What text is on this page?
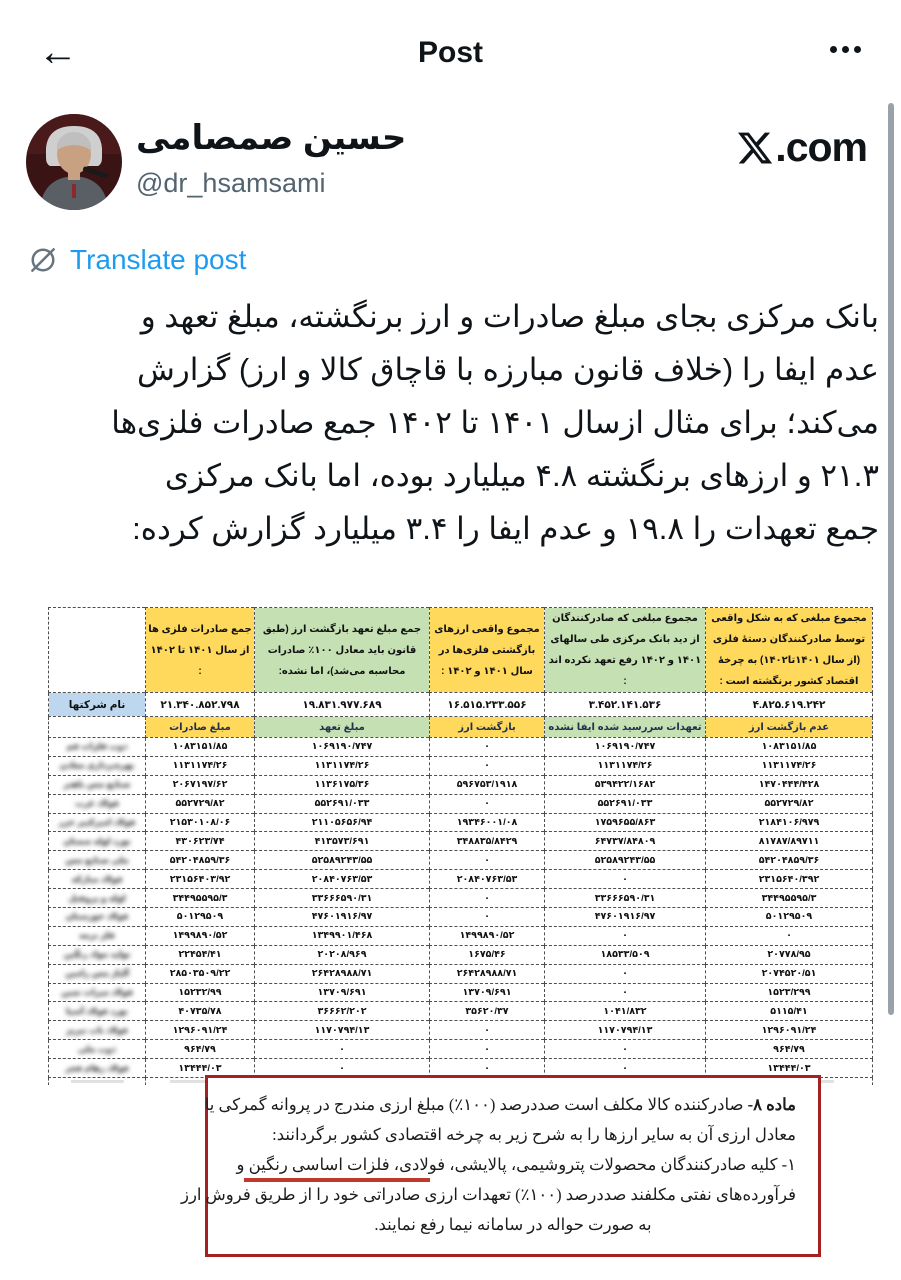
←	Post
حسین صمصامی
@dr_hsamsami
.com
Translate post
بانک مرکزی بجای مبلغ صادرات و ارز برنگشته، مبلغ تعهد و
عدم ایفا را (خلاف قانون مبارزه با قاچاق کالا و ارز) گزارش
می‌کند؛ برای مثال ازسال ۱۴۰۱ تا ۱۴۰۲ جمع صادرات فلزی‌ها
۲۱.۳ و ارزهای برنگشته ۴.۸ میلیارد بوده، اما بانک مرکزی
جمع تعهدات را ۱۹.۸ و عدم ایفا را ۳.۴ میلیارد گزارش کرده:
مجموع مبلغی که به شکل واقعی توسط صادرکنندگان دستهٔ فلزی (از سال ۱۴۰۱تا۱۴۰۲) به چرخهٔ اقتصاد کشور برنگشته است :	مجموع مبلغی که صادرکنندگان از دید بانک مرکزی طی سالهای ۱۴۰۱ و ۱۴۰۲ رفع تعهد نکرده اند :	مجموع واقعی ارزهای بازگشتی فلزی‌ها در سال ۱۴۰۱ و ۱۴۰۲ :	جمع مبلغ تعهد بازگشت ارز (طبق قانون باید معادل ۱۰۰٪ صادرات محاسبه می‌شد)، اما نشده:	جمع صادرات فلزی ها از سال ۱۴۰۱ تا ۱۴۰۲ :	
۴.۸۲۵.۶۱۹.۲۴۲	۳.۴۵۲.۱۴۱.۵۳۶	۱۶.۵۱۵.۲۳۳.۵۵۶	۱۹.۸۳۱.۹۷۷.۶۸۹	۲۱.۳۴۰.۸۵۲.۷۹۸	نام شرکتها
عدم بازگشت ارز	تعهدات سررسید شده ایفا نشده	بازگشت ارز	مبلغ تعهد	مبلغ صادرات	
۱۰۸۳۱۵۱/۸۵	۱۰۶۹۱۹۰/۷۴۷	۰	۱۰۶۹۱۹۰/۷۴۷	۱۰۸۳۱۵۱/۸۵	ذوب فلزات قم
۱۱۳۱۱۷۴/۲۶	۱۱۳۱۱۷۴/۲۶	۰	۱۱۳۱۱۷۴/۲۶	۱۱۳۱۱۷۴/۲۶	بهره‌برداری معادن
۱۴۷۰۴۴۴/۴۲۸	۵۳۹۴۲۲/۱۶۸۲	۵۹۶۷۵۳/۱۹۱۸	۱۱۳۶۱۷۵/۳۶	۲۰۶۷۱۹۷/۶۲	صنایع مس باهنر
۵۵۲۷۲۹/۸۲	۵۵۲۶۹۱/۰۳۳	۰	۵۵۲۶۹۱/۰۳۳	۵۵۲۷۲۹/۸۲	فولاد غرب
۲۱۸۴۱۰۶/۹۷۹	۱۷۵۹۶۵۵/۸۶۳	۱۹۳۴۶۰۰۱/۰۸	۲۱۱۰۵۶۵۶/۹۴	۲۱۵۳۰۱۰۸/۰۶	فولاد امیرکبیر خزر
۸۱۷۸۷/۸۹۷۱۱	۶۴۷۳۷/۸۴۸۰۹	۳۴۸۸۳۵/۸۴۲۹	۴۱۳۵۷۳/۶۹۱	۴۳۰۶۲۳/۷۴	نورد لوله سمنان
۵۴۲۰۴۸۵۹/۳۶	۵۲۵۸۹۲۴۳/۵۵	۰	۵۲۵۸۹۲۴۳/۵۵	۵۴۲۰۴۸۵۹/۳۶	ملی صنایع مس
۲۳۱۵۶۴۰/۳۹۲	۰	۲۰۸۴۰۷۶۳/۵۳	۲۰۸۴۰۷۶۳/۵۳	۲۳۱۵۶۴۰۳/۹۲	فولاد مبارکه
۳۴۴۹۵۵۹۵/۳	۳۳۶۶۶۵۹۰/۳۱	۰	۳۳۶۶۶۵۹۰/۳۱	۳۴۴۹۵۵۹۵/۳	لوله و پروفیل
۵۰۱۲۹۵۰۹	۴۷۶۰۱۹۱۶/۹۷	۰	۴۷۶۰۱۹۱۶/۹۷	۵۰۱۲۹۵۰۹	فولاد خوزستان
۰	۰	۱۴۹۹۸۹۰/۵۲	۱۳۴۹۹۰۱/۴۶۸	۱۴۹۹۸۹۰/۵۲	فلز ترمه
۲۰۷۷۸/۹۵	۱۸۵۳۳/۵۰۹	۱۶۷۵/۴۶	۲۰۲۰۸/۹۶۹	۲۲۴۵۴/۴۱	تولید مواد رنگین
۲۰۷۴۵۲۰/۵۱	۰	۲۶۴۲۸۹۸۸/۷۱	۲۶۴۲۸۹۸۸/۷۱	۲۸۵۰۳۵۰۹/۲۲	آلیاژ مس رامین
۱۵۲۳/۲۹۹	۰	۱۳۷۰۹/۶۹۱	۱۳۷۰۹/۶۹۱	۱۵۲۳۲/۹۹	فولاد میراث ثمین
۵۱۱۵/۴۱	۱۰۴۱/۸۳۲	۳۵۶۲۰/۳۷	۳۶۶۶۲/۲۰۲	۴۰۷۳۵/۷۸	نورد فولاد آسیا
۱۲۹۶۰۹۱/۲۴	۱۱۷۰۷۹۴/۱۳	۰	۱۱۷۰۷۹۴/۱۳	۱۲۹۶۰۹۱/۲۴	فولاد ناب تبریز
۹۶۴/۷۹	۰	۰	۰	۹۶۴/۷۹	ذوب ملی
۱۳۴۴۴/۰۳	۰	۰	۰	۱۳۴۴۴/۰۳	فولاد رهام فجر

ماده ۸- صادرکننده کالا مکلف است صددرصد (۱۰۰٪) مبلغ ارزی مندرج در پروانه گمرکی یا
معادل ارزی آن به سایر ارزها را به شرح زیر به چرخه اقتصادی کشور برگردانند:
۱- کلیه صادرکنندگان محصولات پتروشیمی، پالایشی، فولادی، فلزات اساسی رنگین و
فرآورده‌های نفتی مکلفند صددرصد (۱۰۰٪) تعهدات ارزی صادراتی خود را از طریق فروش ارز
به صورت حواله در سامانه نیما رفع نمایند.
